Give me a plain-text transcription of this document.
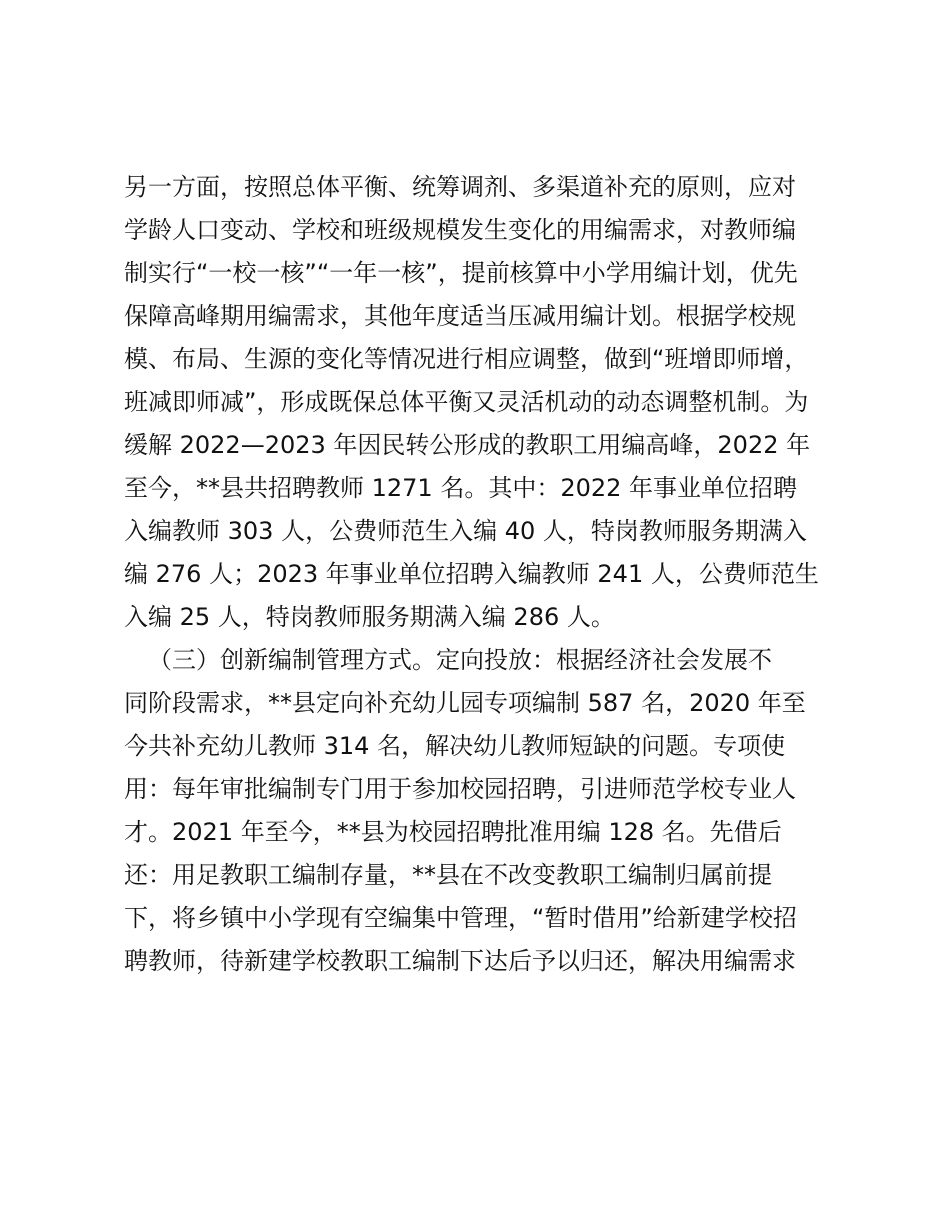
另一方面，按照总体平衡、统筹调剂、多渠道补充的原则，应对
学龄人口变动、学校和班级规模发生变化的用编需求，对教师编
制实行“一校一核”“一年一核”，提前核算中小学用编计划，优先
保障高峰期用编需求，其他年度适当压减用编计划。根据学校规
模、布局、生源的变化等情况进行相应调整，做到“班增即师增，
班减即师减”，形成既保总体平衡又灵活机动的动态调整机制。为
缓解 2022—2023 年因民转公形成的教职工用编高峰，2022 年
至今，**县共招聘教师 1271 名。其中：2022 年事业单位招聘
入编教师 303 人，公费师范生入编 40 人，特岗教师服务期满入
编 276 人；2023 年事业单位招聘入编教师 241 人，公费师范生
入编 25 人，特岗教师服务期满入编 286 人。
（三）创新编制管理方式。定向投放：根据经济社会发展不
同阶段需求，**县定向补充幼儿园专项编制 587 名，2020 年至
今共补充幼儿教师 314 名，解决幼儿教师短缺的问题。专项使
用：每年审批编制专门用于参加校园招聘，引进师范学校专业人
才。2021 年至今，**县为校园招聘批准用编 128 名。先借后
还：用足教职工编制存量，**县在不改变教职工编制归属前提
下，将乡镇中小学现有空编集中管理，“暂时借用”给新建学校招
聘教师，待新建学校教职工编制下达后予以归还，解决用编需求
